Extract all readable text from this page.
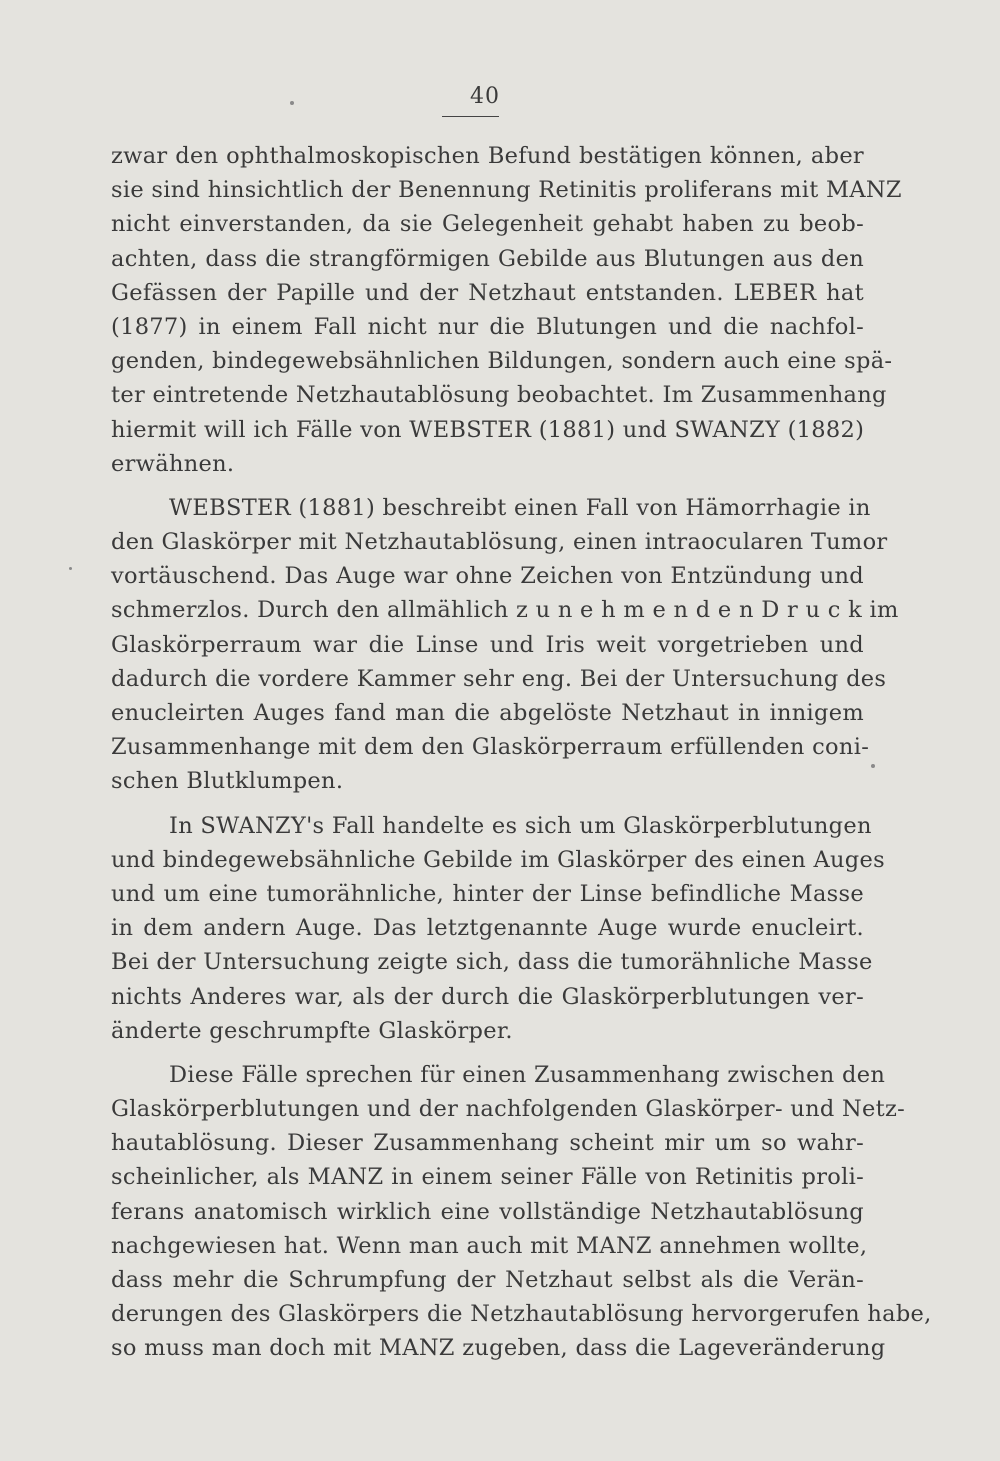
40
zwar den ophthalmoskopischen Befund bestätigen können, aber
sie sind hinsichtlich der Benennung Retinitis proliferans mit MANZ
nicht einverstanden, da sie Gelegenheit gehabt haben zu beob-
achten, dass die strangförmigen Gebilde aus Blutungen aus den
Gefässen der Papille und der Netzhaut entstanden. LEBER hat
(1877) in einem Fall nicht nur die Blutungen und die nachfol-
genden, bindegewebsähnlichen Bildungen, sondern auch eine spä-
ter eintretende Netzhautablösung beobachtet. Im Zusammenhang
hiermit will ich Fälle von WEBSTER (1881) und SWANZY (1882)
erwähnen.
WEBSTER (1881) beschreibt einen Fall von Hämorrhagie in
den Glaskörper mit Netzhautablösung, einen intraocularen Tumor
vortäuschend. Das Auge war ohne Zeichen von Entzündung und
schmerzlos. Durch den allmählich z u n e h m e n d e n D r u c k im
Glaskörperraum war die Linse und Iris weit vorgetrieben und
dadurch die vordere Kammer sehr eng. Bei der Untersuchung des
enucleirten Auges fand man die abgelöste Netzhaut in innigem
Zusammenhange mit dem den Glaskörperraum erfüllenden coni-
schen Blutklumpen.
In SWANZY's Fall handelte es sich um Glaskörperblutungen
und bindegewebsähnliche Gebilde im Glaskörper des einen Auges
und um eine tumorähnliche, hinter der Linse befindliche Masse
in dem andern Auge. Das letztgenannte Auge wurde enucleirt.
Bei der Untersuchung zeigte sich, dass die tumorähnliche Masse
nichts Anderes war, als der durch die Glaskörperblutungen ver-
änderte geschrumpfte Glaskörper.
Diese Fälle sprechen für einen Zusammenhang zwischen den
Glaskörperblutungen und der nachfolgenden Glaskörper- und Netz-
hautablösung. Dieser Zusammenhang scheint mir um so wahr-
scheinlicher, als MANZ in einem seiner Fälle von Retinitis proli-
ferans anatomisch wirklich eine vollständige Netzhautablösung
nachgewiesen hat. Wenn man auch mit MANZ annehmen wollte,
dass mehr die Schrumpfung der Netzhaut selbst als die Verän-
derungen des Glaskörpers die Netzhautablösung hervorgerufen habe,
so muss man doch mit MANZ zugeben, dass die Lageveränderung
